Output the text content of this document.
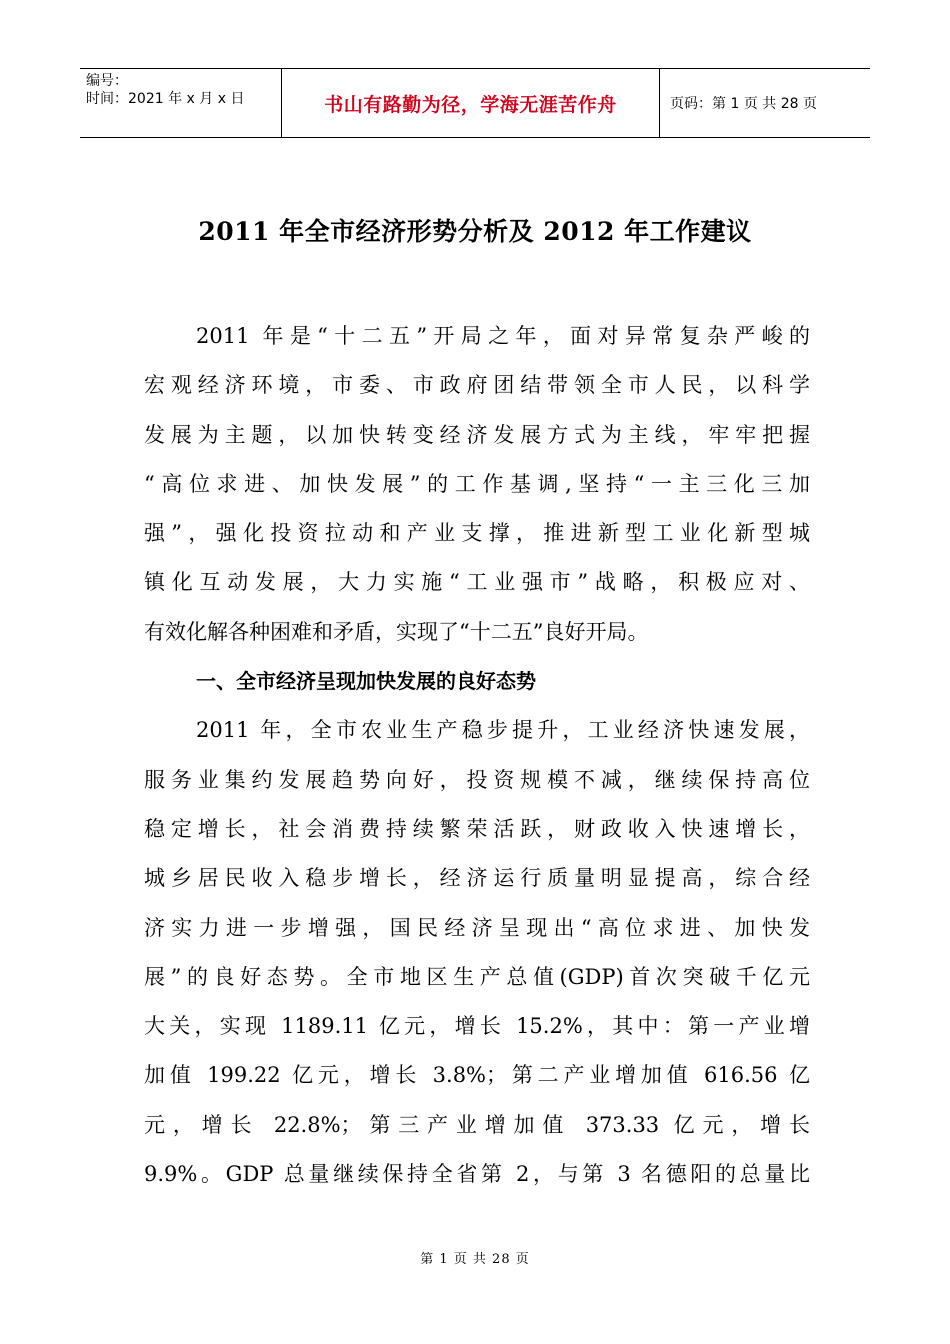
编号：
时间：2021 年 x 月 x 日	书山有路勤为径，学海无涯苦作舟	页码：第 1 页 共 28 页
2011 年全市经济形势分析及 2012 年工作建议
2011 年是“十二五”开局之年，面对异常复杂严峻的
宏观经济环境，市委、市政府团结带领全市人民，以科学
发展为主题，以加快转变经济发展方式为主线，牢牢把握
“高位求进、加快发展”的工作基调,坚持“一主三化三加
强”，强化投资拉动和产业支撑，推进新型工业化新型城
镇化互动发展，大力实施“工业强市”战略，积极应对、
有效化解各种困难和矛盾，实现了“十二五”良好开局。
一、全市经济呈现加快发展的良好态势
2011 年，全市农业生产稳步提升，工业经济快速发展，
服务业集约发展趋势向好，投资规模不减，继续保持高位
稳定增长，社会消费持续繁荣活跃，财政收入快速增长，
城乡居民收入稳步增长，经济运行质量明显提高，综合经
济实力进一步增强，国民经济呈现出“高位求进、加快发
展”的良好态势。全市地区生产总值(GDP)首次突破千亿元
大关，实现 1189.11 亿元，增长 15.2%，其中：第一产业增
加值 199.22 亿元，增长 3.8%；第二产业增加值 616.56 亿
元，增长 22.8%；第三产业增加值 373.33 亿元，增长
9.9%。GDP 总量继续保持全省第 2，与第 3 名德阳的总量比
第 1 页 共 28 页
